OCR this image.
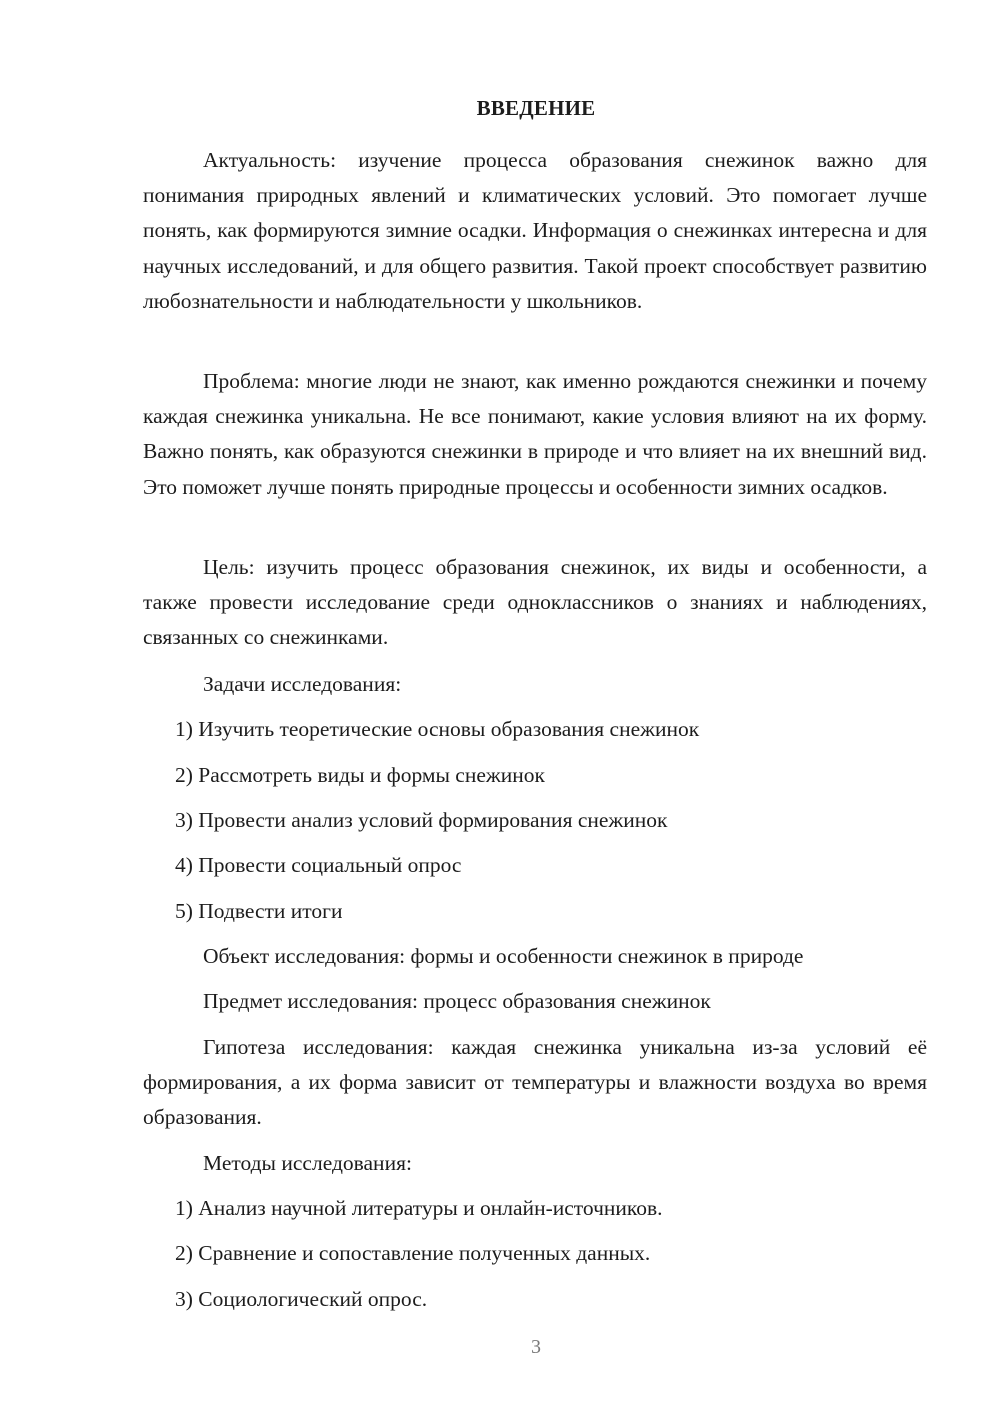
ВВЕДЕНИЕ
Актуальность: изучение процесса образования снежинок важно для понимания природных явлений и климатических условий. Это помогает лучше понять, как формируются зимние осадки. Информация о снежинках интересна и для научных исследований, и для общего развития. Такой проект способствует развитию любознательности и наблюдательности у школьников.
Проблема: многие люди не знают, как именно рождаются снежинки и почему каждая снежинка уникальна. Не все понимают, какие условия влияют на их форму. Важно понять, как образуются снежинки в природе и что влияет на их внешний вид. Это поможет лучше понять природные процессы и особенности зимних осадков.
Цель: изучить процесс образования снежинок, их виды и особенности, а также провести исследование среди одноклассников о знаниях и наблюдениях, связанных со снежинками.
Задачи исследования:
1) Изучить теоретические основы образования снежинок
2) Рассмотреть виды и формы снежинок
3) Провести анализ условий формирования снежинок
4) Провести социальный опрос
5) Подвести итоги
Объект исследования: формы и особенности снежинок в природе
Предмет исследования: процесс образования снежинок
Гипотеза исследования: каждая снежинка уникальна из-за условий её формирования, а их форма зависит от температуры и влажности воздуха во время образования.
Методы исследования:
1) Анализ научной литературы и онлайн-источников.
2) Сравнение и сопоставление полученных данных.
3) Социологический опрос.
3
